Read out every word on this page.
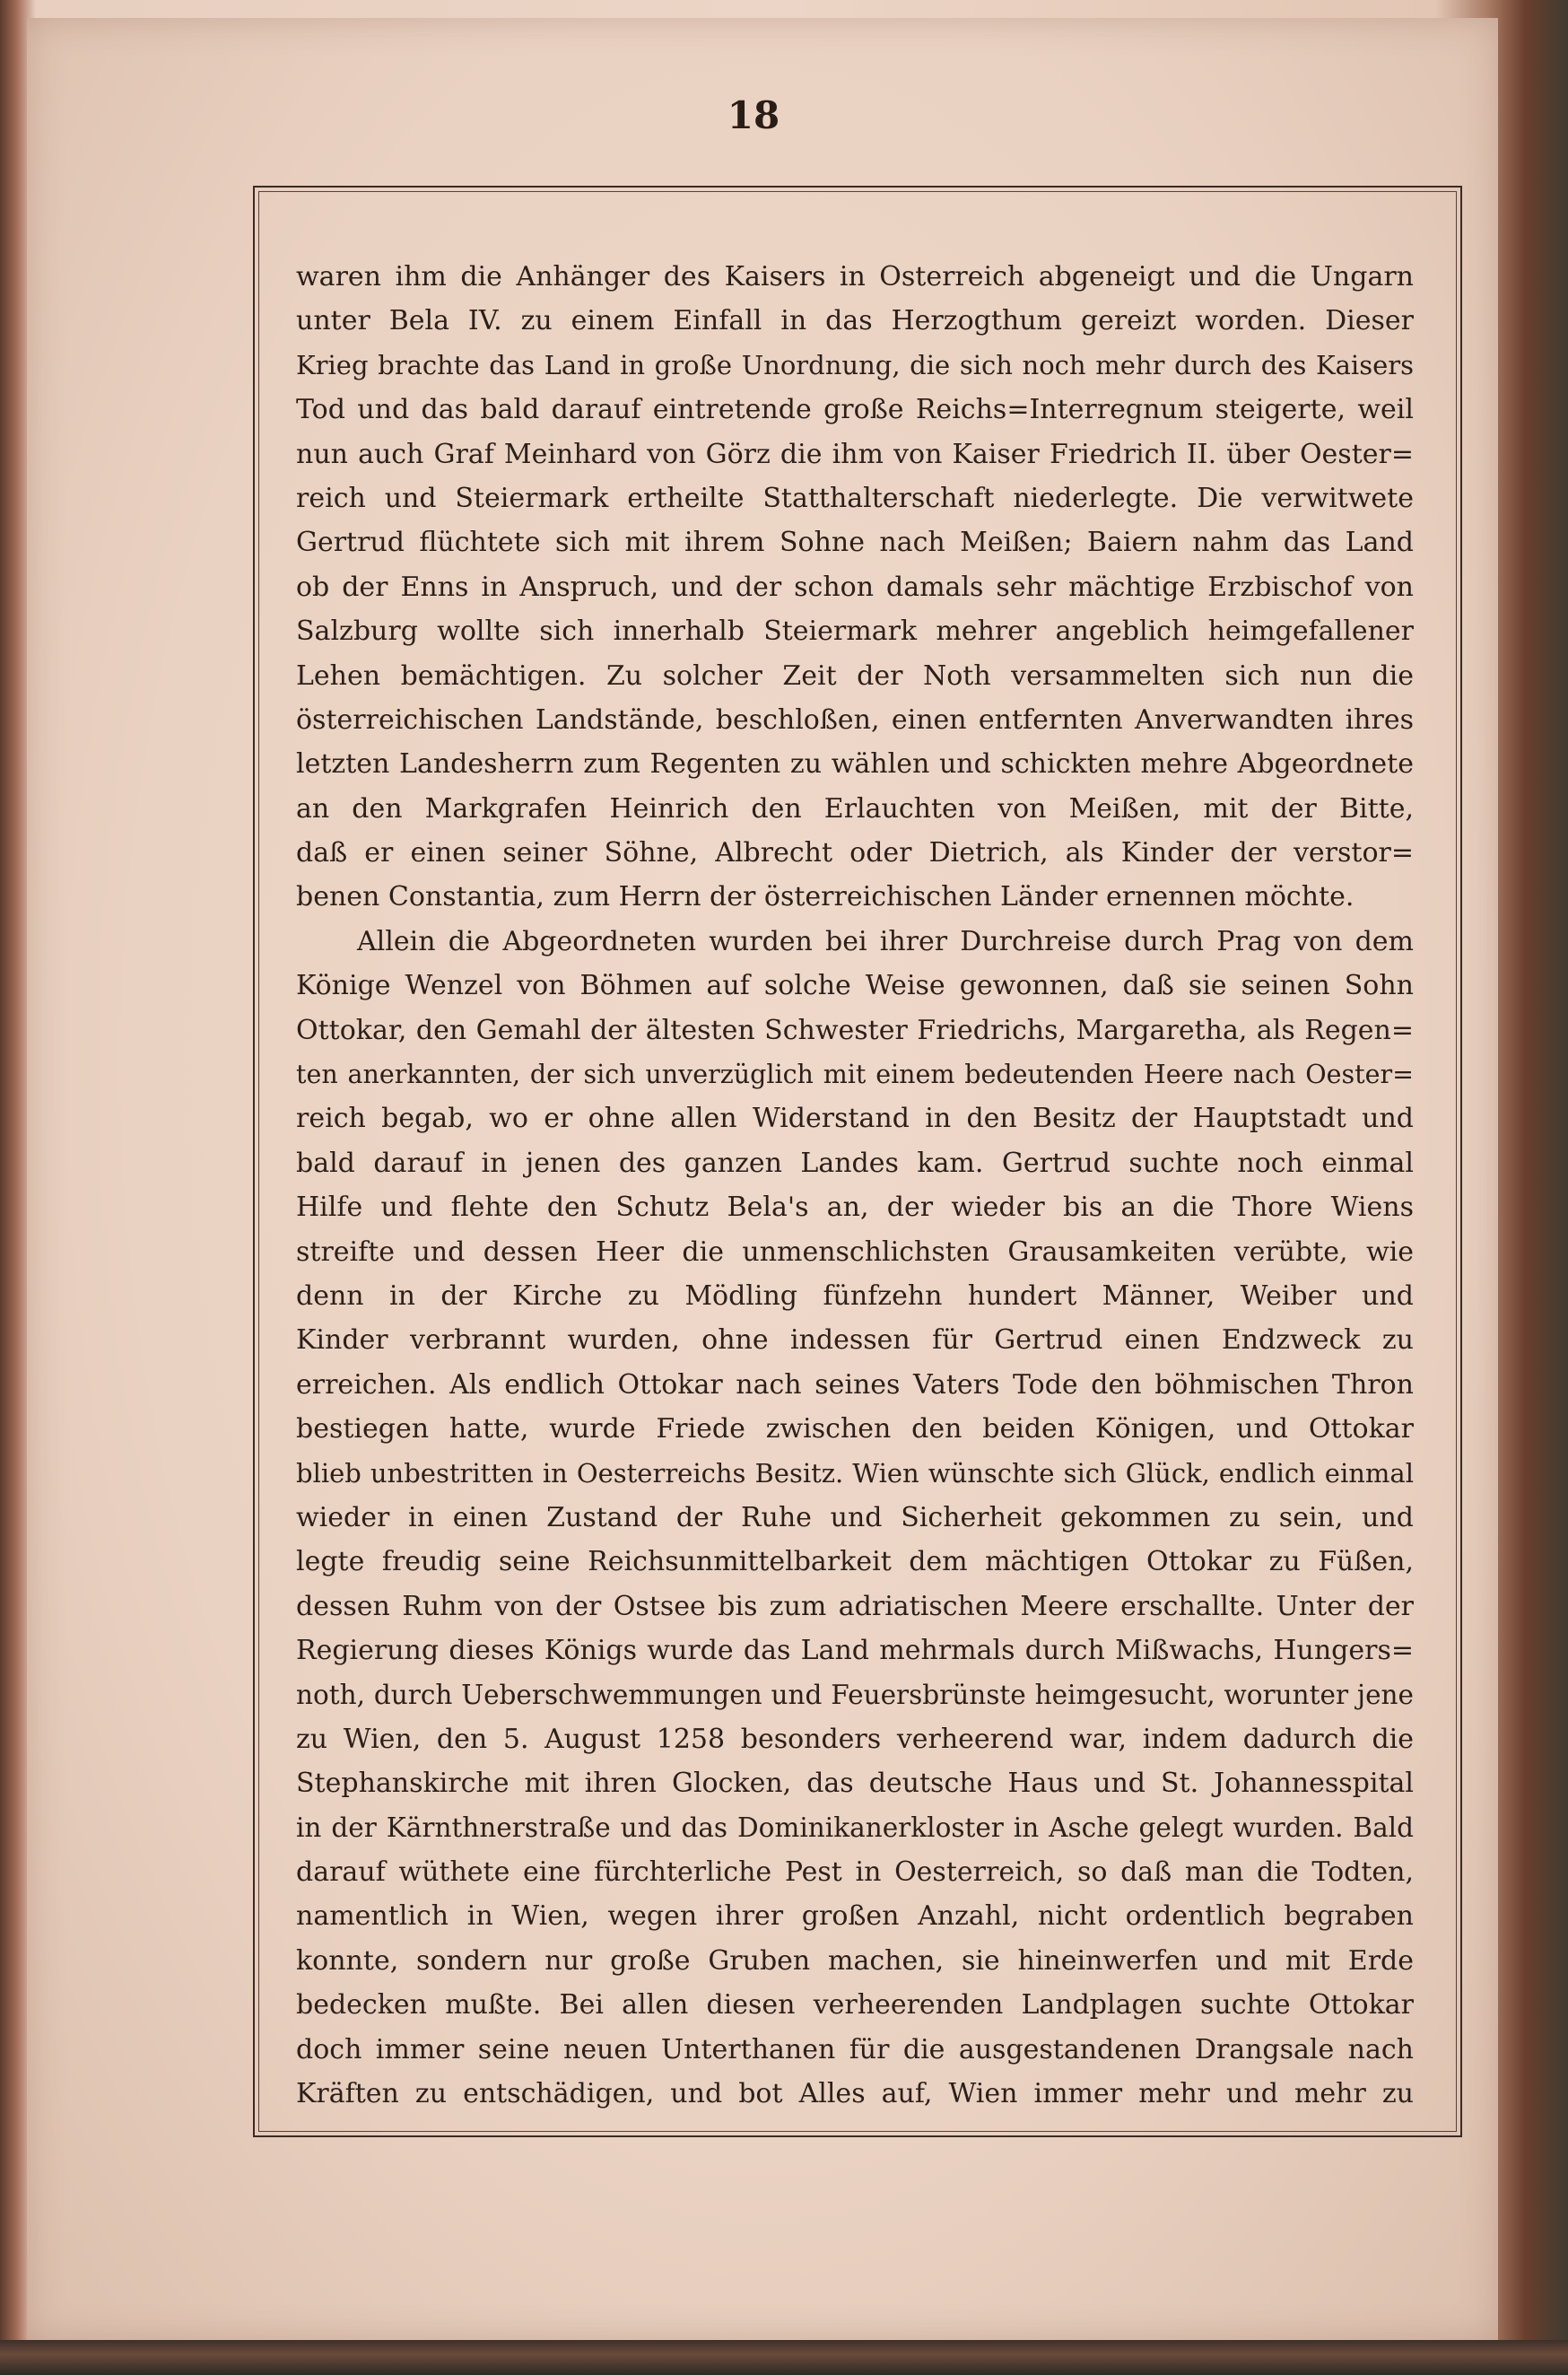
18
waren ihm die Anhänger des Kaisers in Osterreich abgeneigt und die Ungarn
unter Bela IV. zu einem Einfall in das Herzogthum gereizt worden. Dieser
Krieg brachte das Land in große Unordnung, die sich noch mehr durch des Kaisers
Tod und das bald darauf eintretende große Reichs=Interregnum steigerte, weil
nun auch Graf Meinhard von Görz die ihm von Kaiser Friedrich II. über Oester=
reich und Steiermark ertheilte Statthalterschaft niederlegte. Die verwitwete
Gertrud flüchtete sich mit ihrem Sohne nach Meißen; Baiern nahm das Land
ob der Enns in Anspruch, und der schon damals sehr mächtige Erzbischof von
Salzburg wollte sich innerhalb Steiermark mehrer angeblich heimgefallener
Lehen bemächtigen. Zu solcher Zeit der Noth versammelten sich nun die
österreichischen Landstände, beschloßen, einen entfernten Anverwandten ihres
letzten Landesherrn zum Regenten zu wählen und schickten mehre Abgeordnete
an den Markgrafen Heinrich den Erlauchten von Meißen, mit der Bitte,
daß er einen seiner Söhne, Albrecht oder Dietrich, als Kinder der verstor=
benen Constantia, zum Herrn der österreichischen Länder ernennen möchte.
Allein die Abgeordneten wurden bei ihrer Durchreise durch Prag von dem
Könige Wenzel von Böhmen auf solche Weise gewonnen, daß sie seinen Sohn
Ottokar, den Gemahl der ältesten Schwester Friedrichs, Margaretha, als Regen=
ten anerkannten, der sich unverzüglich mit einem bedeutenden Heere nach Oester=
reich begab, wo er ohne allen Widerstand in den Besitz der Hauptstadt und
bald darauf in jenen des ganzen Landes kam. Gertrud suchte noch einmal
Hilfe und flehte den Schutz Bela's an, der wieder bis an die Thore Wiens
streifte und dessen Heer die unmenschlichsten Grausamkeiten verübte, wie
denn in der Kirche zu Mödling fünfzehn hundert Männer, Weiber und
Kinder verbrannt wurden, ohne indessen für Gertrud einen Endzweck zu
erreichen. Als endlich Ottokar nach seines Vaters Tode den böhmischen Thron
bestiegen hatte, wurde Friede zwischen den beiden Königen, und Ottokar
blieb unbestritten in Oesterreichs Besitz. Wien wünschte sich Glück, endlich einmal
wieder in einen Zustand der Ruhe und Sicherheit gekommen zu sein, und
legte freudig seine Reichsunmittelbarkeit dem mächtigen Ottokar zu Füßen,
dessen Ruhm von der Ostsee bis zum adriatischen Meere erschallte. Unter der
Regierung dieses Königs wurde das Land mehrmals durch Mißwachs, Hungers=
noth, durch Ueberschwemmungen und Feuersbrünste heimgesucht, worunter jene
zu Wien, den 5. August 1258 besonders verheerend war, indem dadurch die
Stephanskirche mit ihren Glocken, das deutsche Haus und St. Johannesspital
in der Kärnthnerstraße und das Dominikanerkloster in Asche gelegt wurden. Bald
darauf wüthete eine fürchterliche Pest in Oesterreich, so daß man die Todten,
namentlich in Wien, wegen ihrer großen Anzahl, nicht ordentlich begraben
konnte, sondern nur große Gruben machen, sie hineinwerfen und mit Erde
bedecken mußte. Bei allen diesen verheerenden Landplagen suchte Ottokar
doch immer seine neuen Unterthanen für die ausgestandenen Drangsale nach
Kräften zu entschädigen, und bot Alles auf, Wien immer mehr und mehr zu
